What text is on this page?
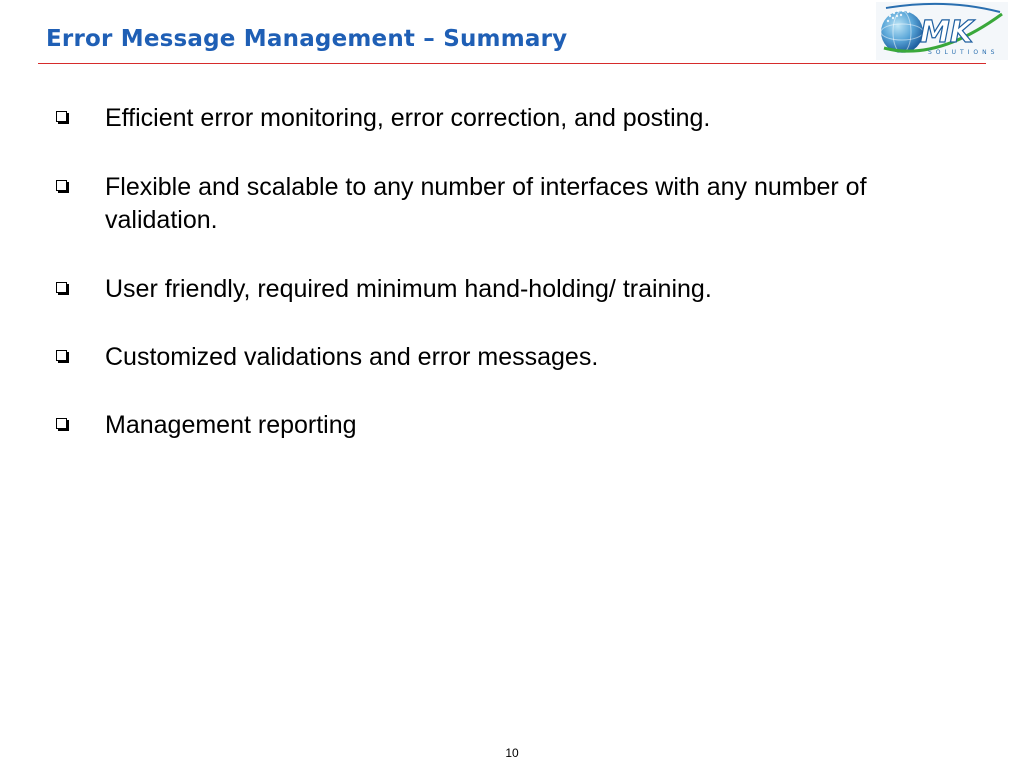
Error Message Management – Summary	MK
SOLUTIONS
Efficient error monitoring, error correction, and posting.
Flexible and scalable to any number of interfaces with any number of validation.
User friendly, required minimum hand-holding/ training.
Customized validations and error messages.
Management reporting
10
